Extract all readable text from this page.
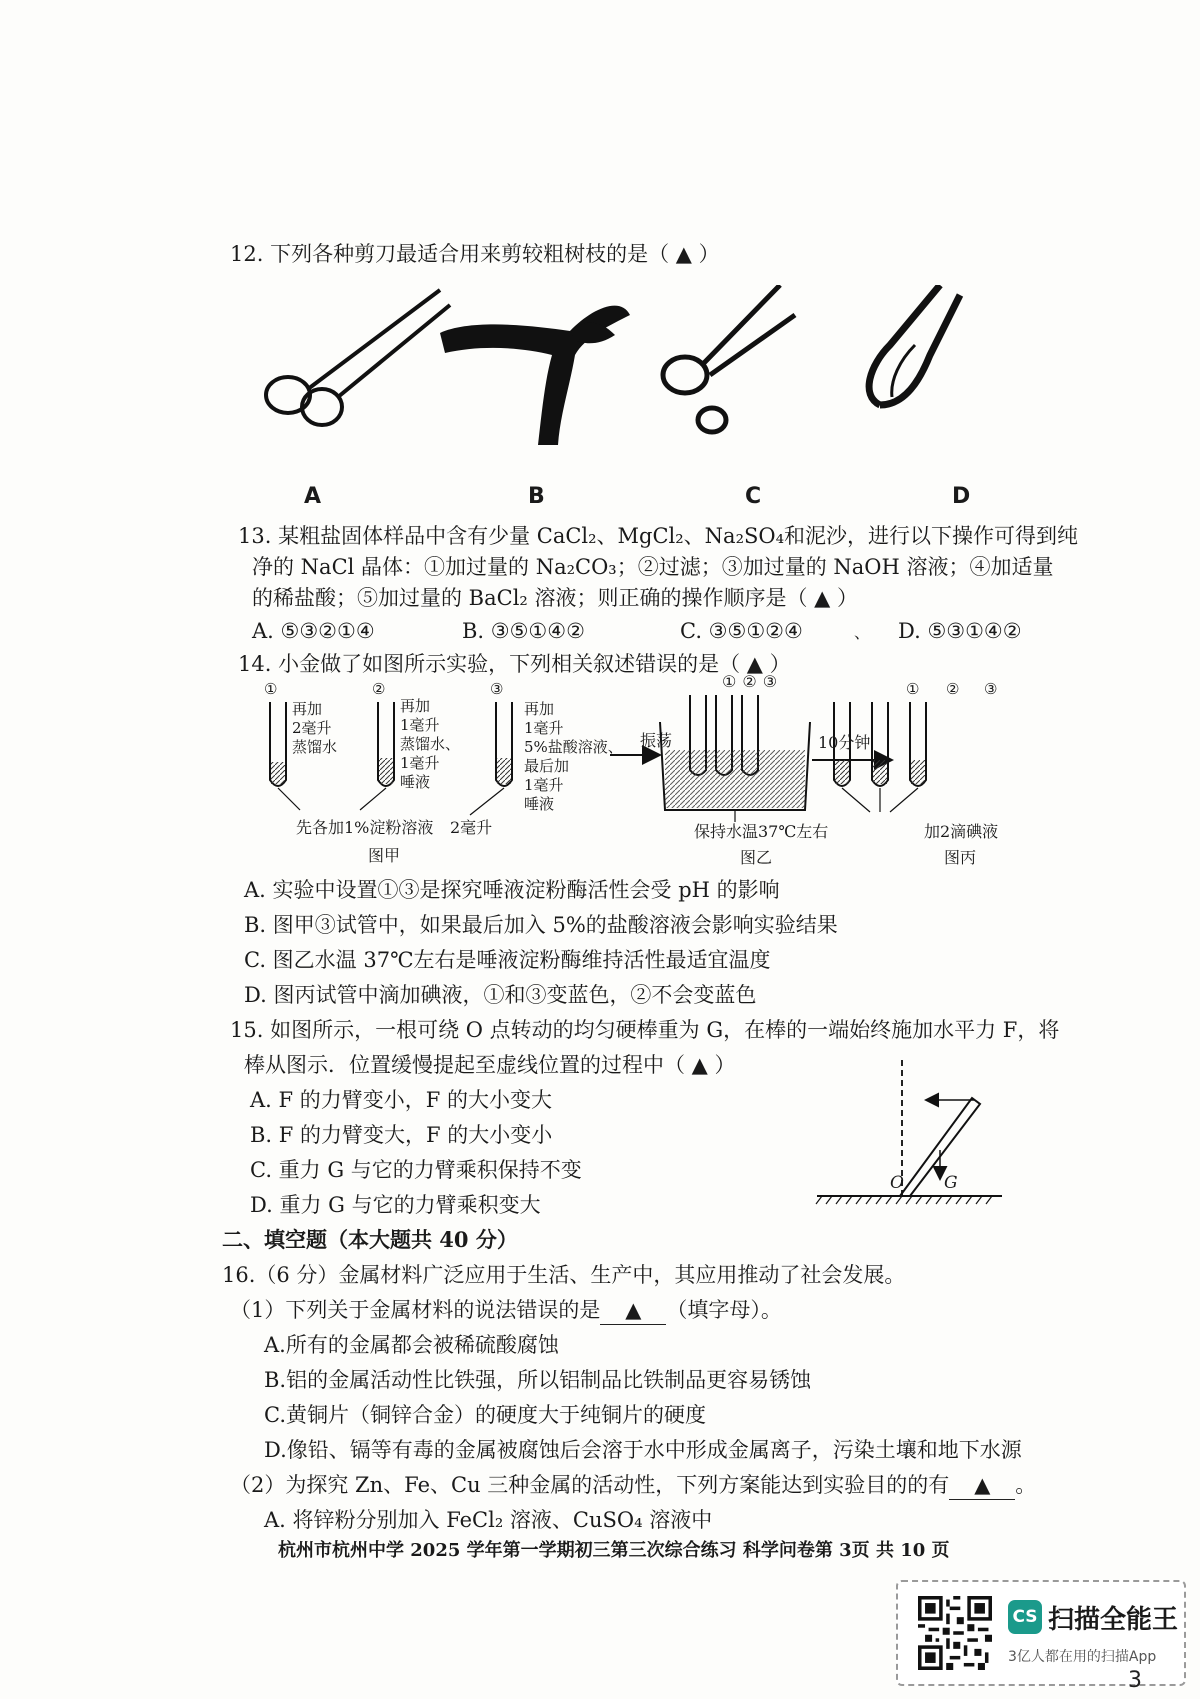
12. 下列各种剪刀最适合用来剪较粗树枝的是（ ▲ ）
A	B	C	D
13. 某粗盐固体样品中含有少量 CaCl₂、MgCl₂、Na₂SO₄和泥沙，进行以下操作可得到纯
净的 NaCl 晶体：①加过量的 Na₂CO₃；②过滤；③加过量的 NaOH 溶液；④加适量
的稀盐酸；⑤加过量的 BaCl₂ 溶液；则正确的操作顺序是（ ▲ ）
A. ⑤③②①④	B. ③⑤①④②	C. ③⑤①②④	、 D. ⑤③①④②
14. 小金做了如图所示实验，下列相关叙述错误的是（ ▲ ）
①	②	③
再加
2毫升
蒸馏水
再加
1毫升
蒸馏水、
1毫升
唾液
再加
1毫升
5%盐酸溶液、
最后加
1毫升
唾液
先各加1%淀粉溶液 2毫升
图甲
振荡
①②③
保持水温37℃左右
图乙
10分钟
① ② ③
加2滴碘液
图丙
A. 实验中设置①③是探究唾液淀粉酶活性会受 pH 的影响
B. 图甲③试管中，如果最后加入 5%的盐酸溶液会影响实验结果
C. 图乙水温 37℃左右是唾液淀粉酶维持活性最适宜温度
D. 图丙试管中滴加碘液，①和③变蓝色，②不会变蓝色
15. 如图所示，一根可绕 O 点转动的均匀硬棒重为 G，在棒的一端始终施加水平力 F，将
棒从图示．位置缓慢提起至虚线位置的过程中（ ▲ ）
A. F 的力臂变小，F 的大小变大
B. F 的力臂变大，F 的大小变小
C. 重力 G 与它的力臂乘积保持不变
D. 重力 G 与它的力臂乘积变大
O G
二、填空题（本大题共 40 分）
16.（6 分）金属材料广泛应用于生活、生产中，其应用推动了社会发展。
（1）下列关于金属材料的说法错误的是 ▲ （填字母）。
A.所有的金属都会被稀硫酸腐蚀
B.铝的金属活动性比铁强，所以铝制品比铁制品更容易锈蚀
C.黄铜片（铜锌合金）的硬度大于纯铜片的硬度
D.像铅、镉等有毒的金属被腐蚀后会溶于水中形成金属离子，污染土壤和地下水源
（2）为探究 Zn、Fe、Cu 三种金属的活动性，下列方案能达到实验目的的有 ▲ 。
A. 将锌粉分别加入 FeCl₂ 溶液、CuSO₄ 溶液中
杭州市杭州中学 2025 学年第一学期初三第三次综合练习 科学问卷第 3页 共 10 页
CS 扫描全能王
3亿人都在用的扫描App
3
